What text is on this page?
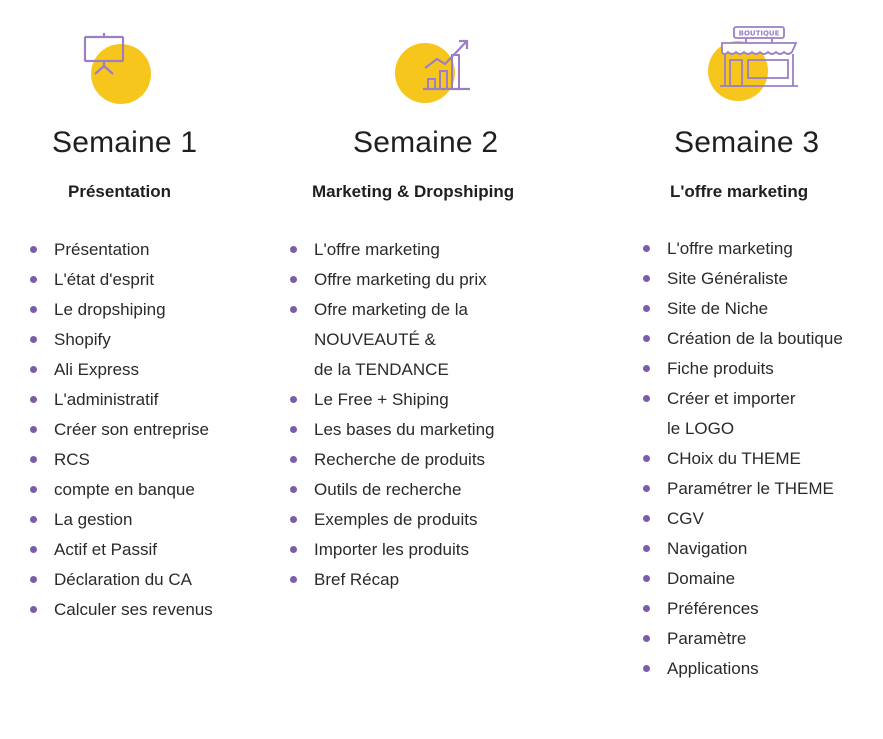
Semaine 1
Présentation
Présentation
L'état d'esprit
Le dropshiping
Shopify
Ali Express
L'administratif
Créer son entreprise
RCS
compte en banque
La gestion
Actif et Passif
Déclaration du CA
Calculer ses revenus
Semaine 2
Marketing & Dropshiping
L'offre marketing
Offre marketing du prix
Ofre marketing de la
NOUVEAUTÉ &
de la TENDANCE
Le Free + Shiping
Les bases du marketing
Recherche de produits
Outils de recherche
Exemples de produits
Importer les produits
Bref Récap
BOUTIQUE
Semaine 3
L'offre marketing
L'offre marketing
Site Généraliste
Site de Niche
Création de la boutique
Fiche produits
Créer et importer
le LOGO
CHoix du THEME
Paramétrer le THEME
CGV
Navigation
Domaine
Préférences
Paramètre
Applications
